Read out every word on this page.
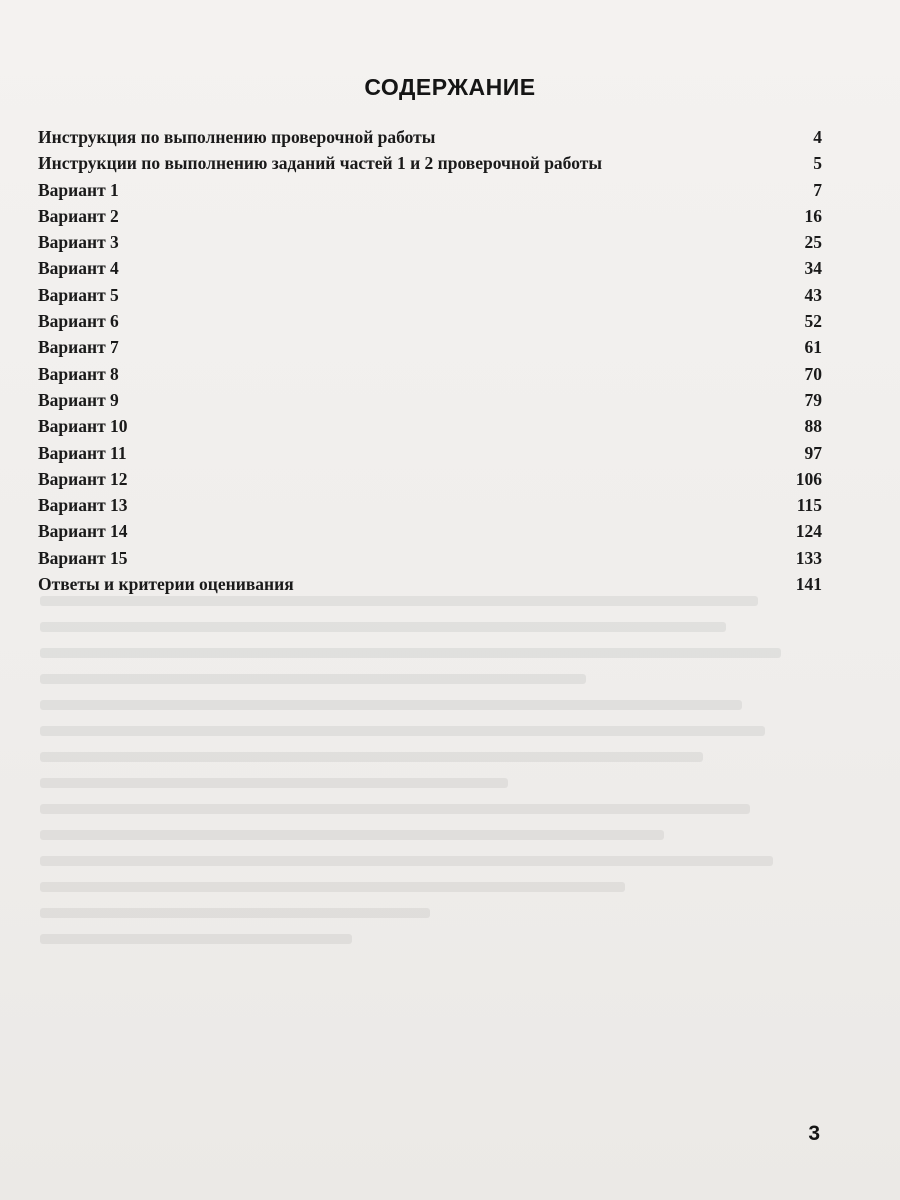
СОДЕРЖАНИЕ
Инструкция по выполнению проверочной работы	4
Инструкции по выполнению заданий частей 1 и 2 проверочной работы	5
Вариант 1	7
Вариант 2	16
Вариант 3	25
Вариант 4	34
Вариант 5	43
Вариант 6	52
Вариант 7	61
Вариант 8	70
Вариант 9	79
Вариант 10	88
Вариант 11	97
Вариант 12	106
Вариант 13	115
Вариант 14	124
Вариант 15	133
Ответы и критерии оценивания	141
3
